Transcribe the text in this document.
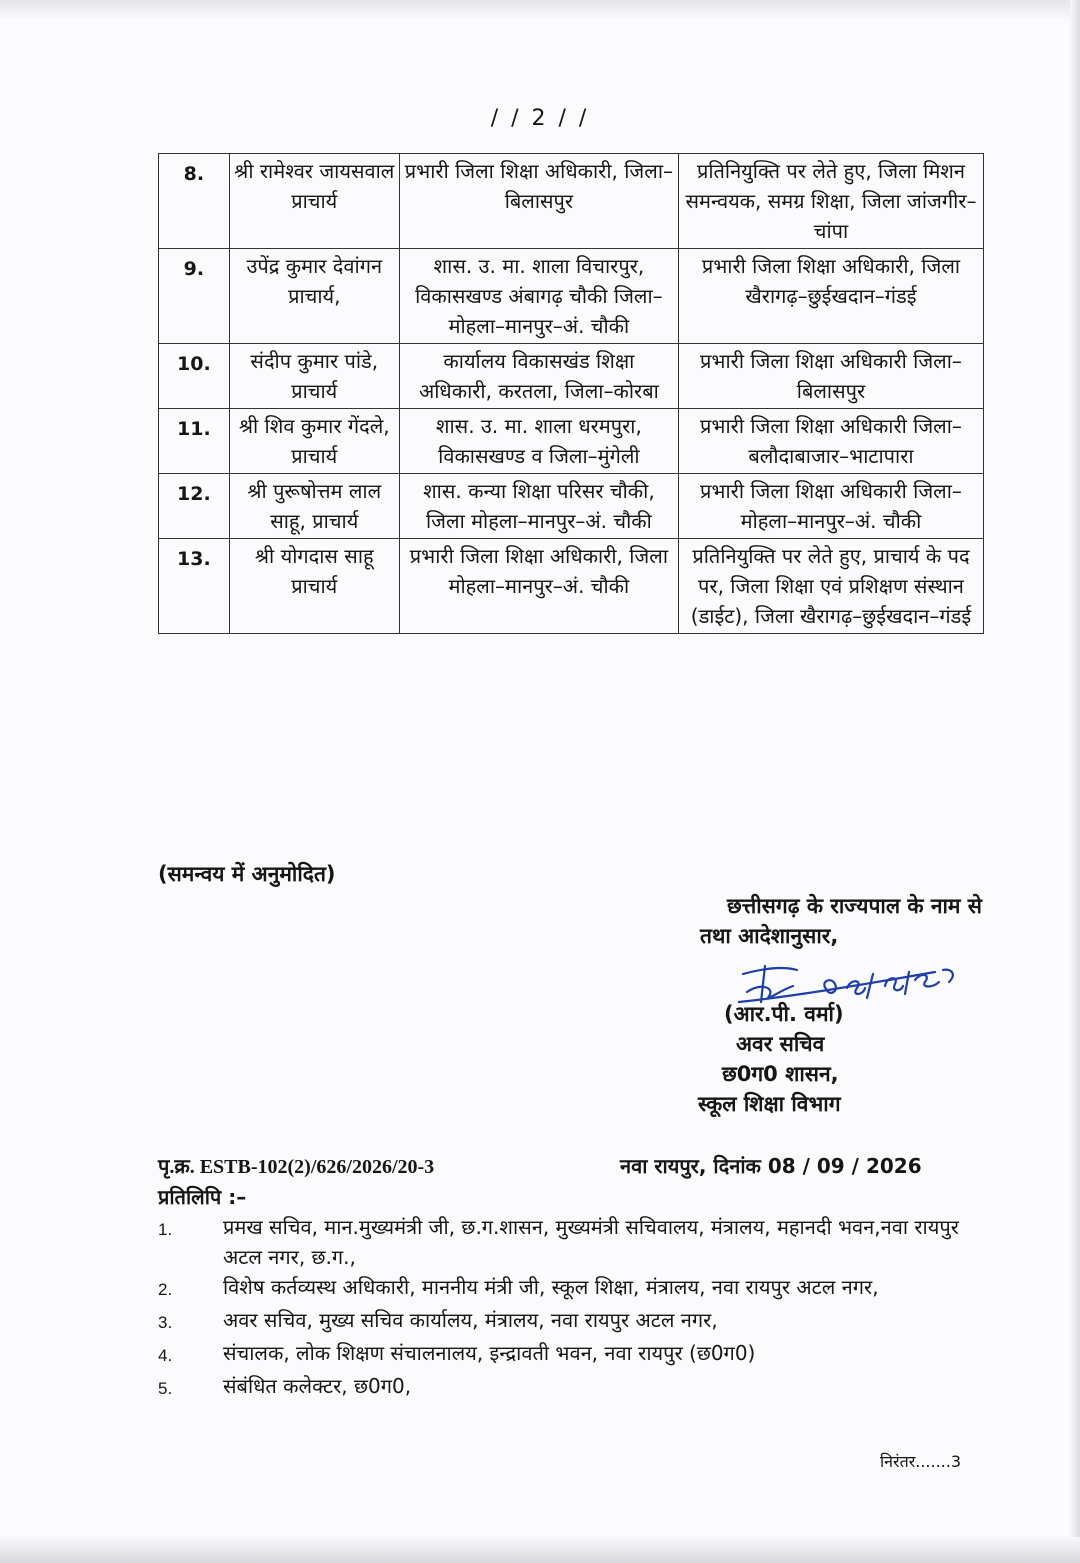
/ / 2 / /
8.	श्री रामेश्वर जायसवाल प्राचार्य	प्रभारी जिला शिक्षा अधिकारी, जिला–बिलासपुर	प्रतिनियुक्ति पर लेते हुए, जिला मिशन समन्वयक, समग्र शिक्षा, जिला जांजगीर–चांपा
9.	उपेंद्र कुमार देवांगन प्राचार्य,	शास. उ. मा. शाला विचारपुर, विकासखण्ड अंबागढ़ चौकी जिला–मोहला–मानपुर–अं. चौकी	प्रभारी जिला शिक्षा अधिकारी, जिला खैरागढ़–छुईखदान–गंडई
10.	संदीप कुमार पांडे, प्राचार्य	कार्यालय विकासखंड शिक्षा अधिकारी, करतला, जिला–कोरबा	प्रभारी जिला शिक्षा अधिकारी जिला–बिलासपुर
11.	श्री शिव कुमार गेंदले, प्राचार्य	शास. उ. मा. शाला धरमपुरा, विकासखण्ड व जिला–मुंगेली	प्रभारी जिला शिक्षा अधिकारी जिला–बलौदाबाजार–भाटापारा
12.	श्री पुरूषोत्तम लाल साहू, प्राचार्य	शास. कन्या शिक्षा परिसर चौकी, जिला मोहला–मानपुर–अं. चौकी	प्रभारी जिला शिक्षा अधिकारी जिला–मोहला–मानपुर–अं. चौकी
13.	श्री योगदास साहू प्राचार्य	प्रभारी जिला शिक्षा अधिकारी, जिला मोहला–मानपुर–अं. चौकी	प्रतिनियुक्ति पर लेते हुए, प्राचार्य के पद पर, जिला शिक्षा एवं प्रशिक्षण संस्थान (डाईट), जिला खैरागढ़–छुईखदान–गंडई
(समन्वय में अनुमोदित)
छत्तीसगढ़ के राज्यपाल के नाम से
तथा आदेशानुसार,
(आर.पी. वर्मा)
अवर सचिव
छ0ग0 शासन,
स्कूल शिक्षा विभाग
पृ.क्र. ESTB-102(2)/626/2026/20-3	नवा रायपुर, दिनांक 08 / 09 / 2026
प्रतिलिपि :–
1.	प्रमख सचिव, मान.मुख्यमंत्री जी, छ.ग.शासन, मुख्यमंत्री सचिवालय, मंत्रालय, महानदी भवन,नवा रायपुर अटल नगर, छ.ग.,
2.	विशेष कर्तव्यस्थ अधिकारी, माननीय मंत्री जी, स्कूल शिक्षा, मंत्रालय, नवा रायपुर अटल नगर,
3.	अवर सचिव, मुख्य सचिव कार्यालय, मंत्रालय, नवा रायपुर अटल नगर,
4.	संचालक, लोक शिक्षण संचालनालय, इन्द्रावती भवन, नवा रायपुर (छ0ग0)
5.	संबंधित कलेक्टर, छ0ग0,
निरंतर.......3
